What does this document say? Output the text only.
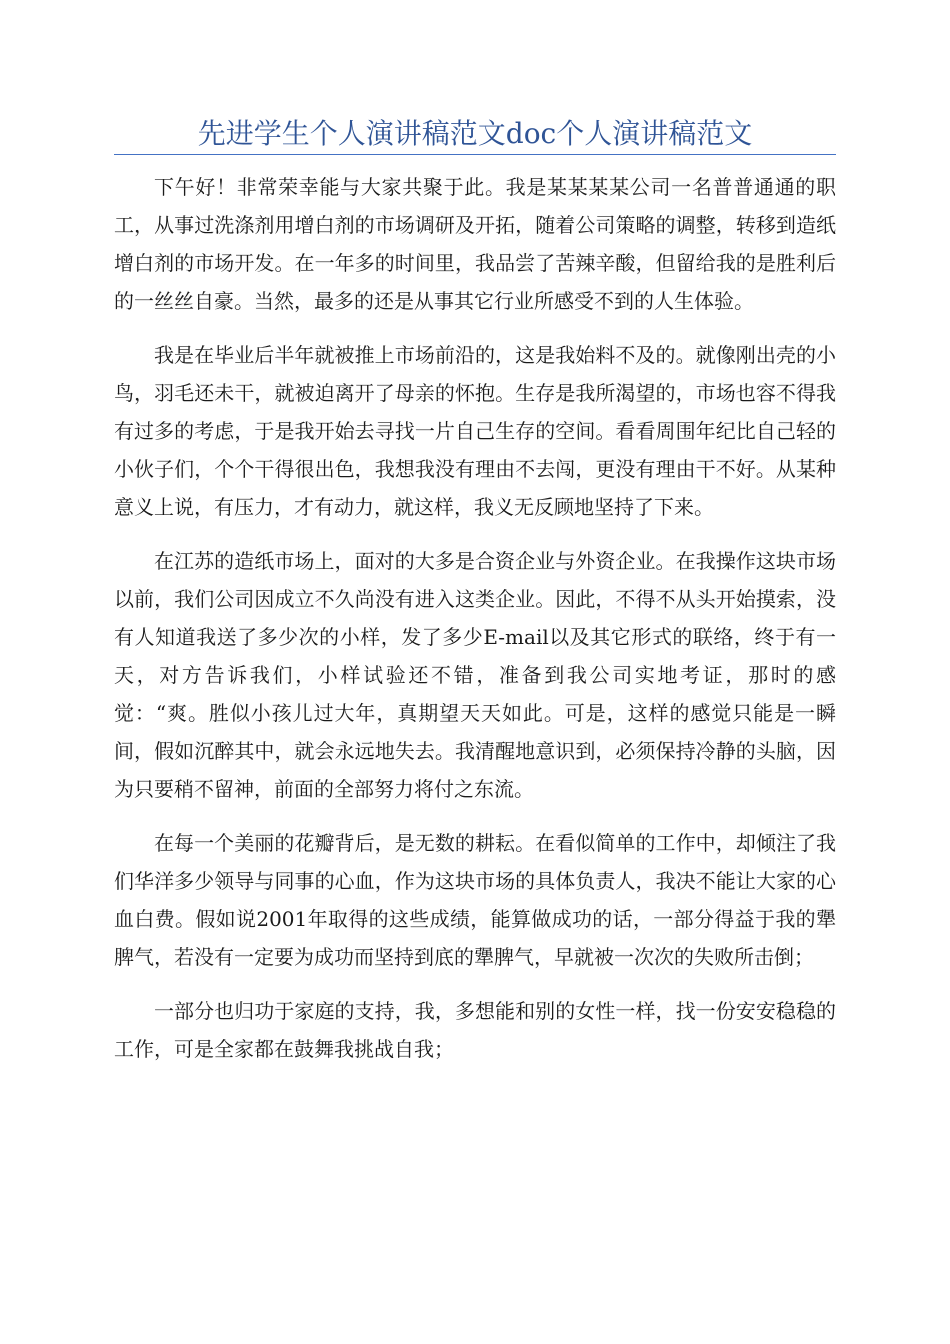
先进学生个人演讲稿范文doc个人演讲稿范文

下午好！非常荣幸能与大家共聚于此。我是某某某某公司一名普普通通的职工，从事过洗涤剂用增白剂的市场调研及开拓，随着公司策略的调整，转移到造纸增白剂的市场开发。在一年多的时间里，我品尝了苦辣辛酸，但留给我的是胜利后的一丝丝自豪。当然，最多的还是从事其它行业所感受不到的人生体验。

我是在毕业后半年就被推上市场前沿的，这是我始料不及的。就像刚出壳的小鸟，羽毛还未干，就被迫离开了母亲的怀抱。生存是我所渴望的，市场也容不得我有过多的考虑，于是我开始去寻找一片自己生存的空间。看看周围年纪比自己轻的小伙子们，个个干得很出色，我想我没有理由不去闯，更没有理由干不好。从某种意义上说，有压力，才有动力，就这样，我义无反顾地坚持了下来。

在江苏的造纸市场上，面对的大多是合资企业与外资企业。在我操作这块市场以前，我们公司因成立不久尚没有进入这类企业。因此，不得不从头开始摸索，没有人知道我送了多少次的小样，发了多少E-mail以及其它形式的联络，终于有一天，对方告诉我们，小样试验还不错，准备到我公司实地考证，那时的感觉：“爽。胜似小孩儿过大年，真期望天天如此。可是，这样的感觉只能是一瞬间，假如沉醉其中，就会永远地失去。我清醒地意识到，必须保持冷静的头脑，因为只要稍不留神，前面的全部努力将付之东流。

在每一个美丽的花瓣背后，是无数的耕耘。在看似简单的工作中，却倾注了我们华洋多少领导与同事的心血，作为这块市场的具体负责人，我决不能让大家的心血白费。假如说2001年取得的这些成绩，能算做成功的话，一部分得益于我的犟脾气，若没有一定要为成功而坚持到底的犟脾气，早就被一次次的失败所击倒；

一部分也归功于家庭的支持，我，多想能和别的女性一样，找一份安安稳稳的工作，可是全家都在鼓舞我挑战自我；
